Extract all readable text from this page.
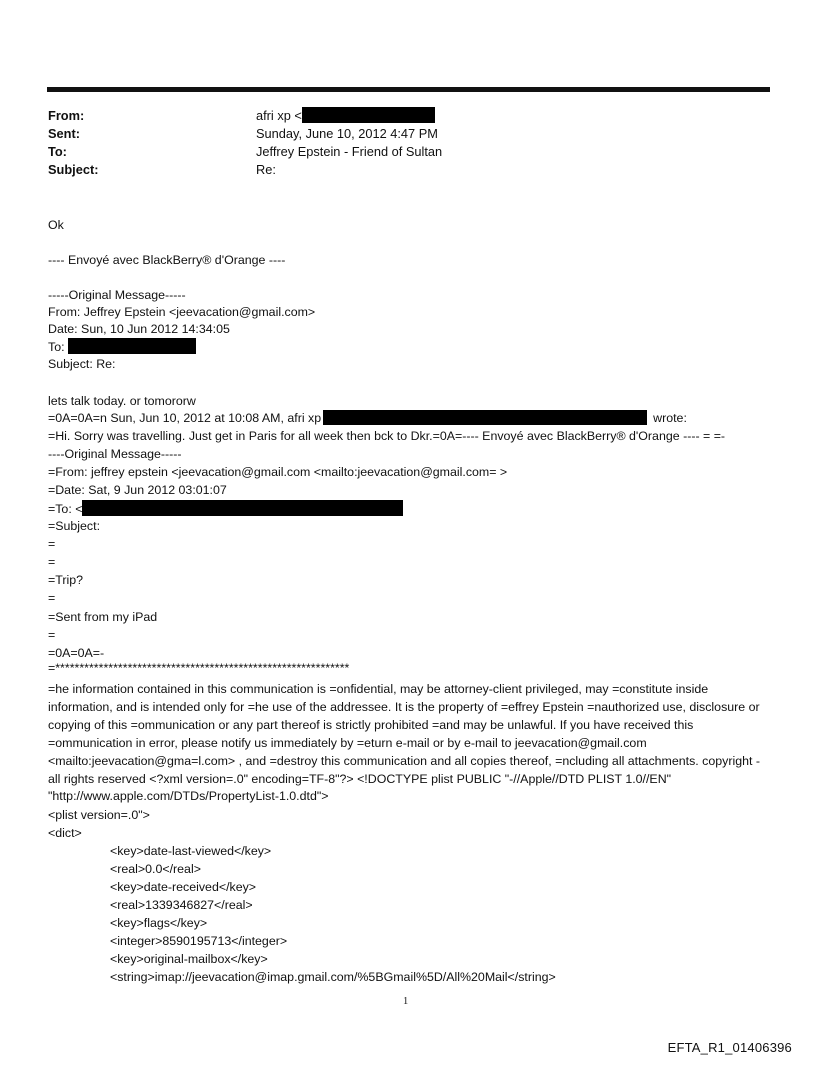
From:	afri xp <
Sent:	Sunday, June 10, 2012 4:47 PM
To:	Jeffrey Epstein - Friend of Sultan
Subject:	Re:
Ok
---- Envoyé avec BlackBerry® d'Orange ----
-----Original Message-----
From: Jeffrey Epstein <jeevacation@gmail.com>
Date: Sun, 10 Jun 2012 14:34:05
To:
Subject: Re:
lets talk today. or tomororw
=0A=0A=n Sun, Jun 10, 2012 at 10:08 AM, afri xp	wrote:
=Hi. Sorry was travelling. Just get in Paris for all week then bck to Dkr.=0A=---- Envoyé avec BlackBerry® d'Orange ---- = =-
----Original Message-----
=From: jeffrey epstein <jeevacation@gmail.com <mailto:jeevacation@gmail.com= >
=Date: Sat, 9 Jun 2012 03:01:07
=To: <
=Subject:
=
=
=Trip?
=
=Sent from my iPad
=
=0A=0A=-
=*************************************************************
=he information contained in this communication is =onfidential, may be attorney-client privileged, may =constitute inside information, and is intended only for =he use of the addressee. It is the property of =effrey Epstein =nauthorized use, disclosure or copying of this =ommunication or any part thereof is strictly prohibited =and may be unlawful. If you have received this =ommunication in error, please notify us immediately by =eturn e-mail or by e-mail to jeevacation@gmail.com <mailto:jeevacation@gma=l.com> , and =destroy this communication and all copies thereof, =ncluding all attachments. copyright -all rights reserved <?xml version=.0" encoding=TF-8"?> <!DOCTYPE plist PUBLIC "-//Apple//DTD PLIST 1.0//EN" "http://www.apple.com/DTDs/PropertyList-1.0.dtd">
<plist version=.0">
<dict>
<key>date-last-viewed</key>
<real>0.0</real>
<key>date-received</key>
<real>1339346827</real>
<key>flags</key>
<integer>8590195713</integer>
<key>original-mailbox</key>
<string>imap://jeevacation@imap.gmail.com/%5BGmail%5D/All%20Mail</string>
1
EFTA_R1_01406396
